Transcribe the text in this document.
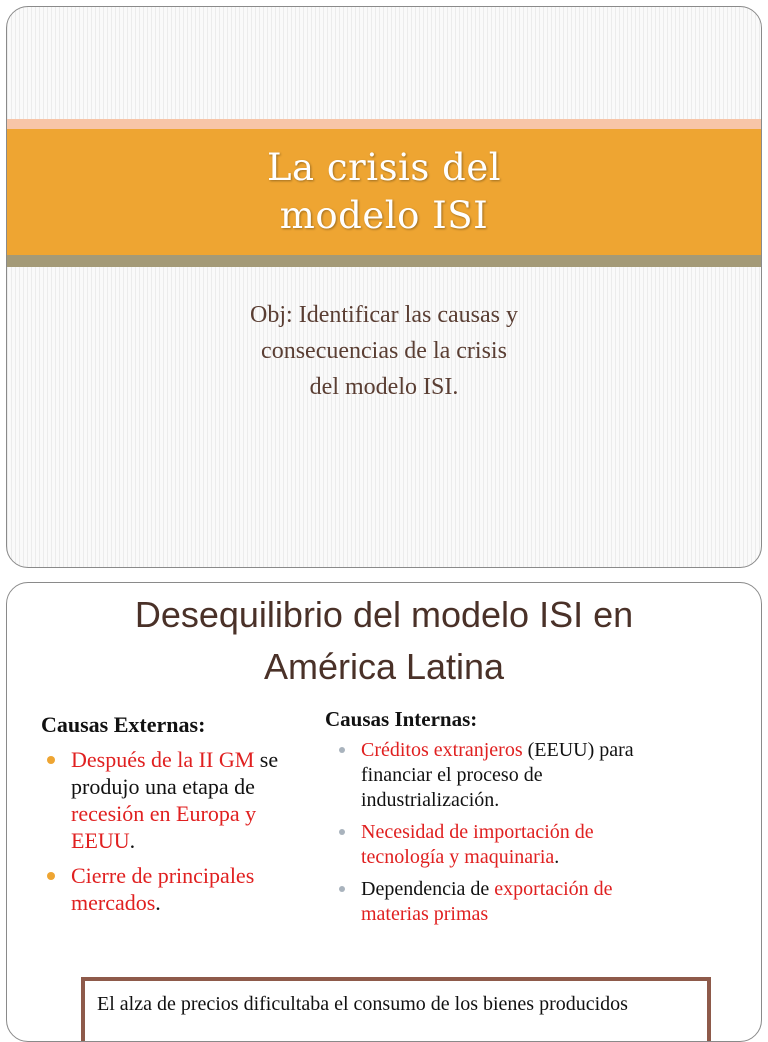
La crisis del
modelo ISI
Obj: Identificar las causas y
consecuencias de la crisis
del modelo ISI.
Desequilibrio del modelo ISI en
América Latina
Causas Externas:
Después de la II GM se produjo una etapa de recesión en Europa y EEUU.
Cierre de principales mercados.
Causas Internas:
Créditos extranjeros (EEUU) para financiar el proceso de industrialización.
Necesidad de importación de tecnología y maquinaria.
Dependencia de exportación de materias primas
El alza de precios dificultaba el consumo de los bienes producidos
